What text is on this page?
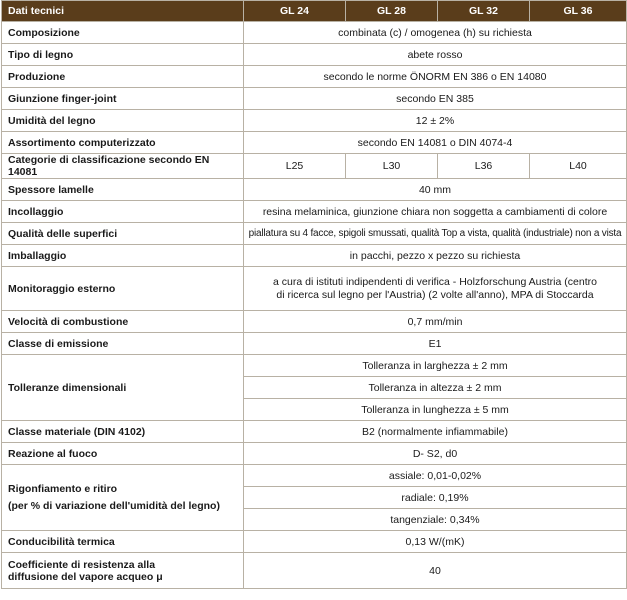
Dati tecnici	GL 24	GL 28	GL 32	GL 36
Composizione	combinata (c) / omogenea (h) su richiesta			
Tipo di legno	abete rosso			
Produzione	secondo le norme ÖNORM EN 386 o EN 14080			
Giunzione finger-joint	secondo EN 385			
Umidità del legno	12 ± 2%			
Assortimento computerizzato	secondo EN 14081 o DIN 4074-4			
Categorie di classificazione secondo EN 14081	L25	L30	L36	L40
Spessore lamelle	40 mm			
Incollaggio	resina melaminica, giunzione chiara non soggetta a cambiamenti di colore			
Qualità delle superfici	piallatura su 4 facce, spigoli smussati, qualità Top a vista, qualità (industriale) non a vista			
Imballaggio	in pacchi, pezzo x pezzo su richiesta			
Monitoraggio esterno	a cura di istituti indipendenti di verifica - Holzforschung Austria (centro
di ricerca sul legno per l'Austria) (2 volte all'anno), MPA di Stoccarda			

Velocità di combustione	0,7 mm/min			
Classe di emissione	E1			
Tolleranze dimensionali	Tolleranza in larghezza ± 2 mm			
	Tolleranza in altezza ± 2 mm			
	Tolleranza in lunghezza ± 5 mm			
Classe materiale (DIN 4102)	B2 (normalmente infiammabile)			
Reazione al fuoco	D- S2, d0			

Rigonfiamento e ritiro
(per % di variazione dell'umidità del legno)	assiale: 0,01-0,02%			
	radiale: 0,19%			
	tangenziale: 0,34%			
Conducibilità termica	0,13 W/(mK)			

Coefficiente di resistenza alla
diffusione del vapore acqueo μ	40			
